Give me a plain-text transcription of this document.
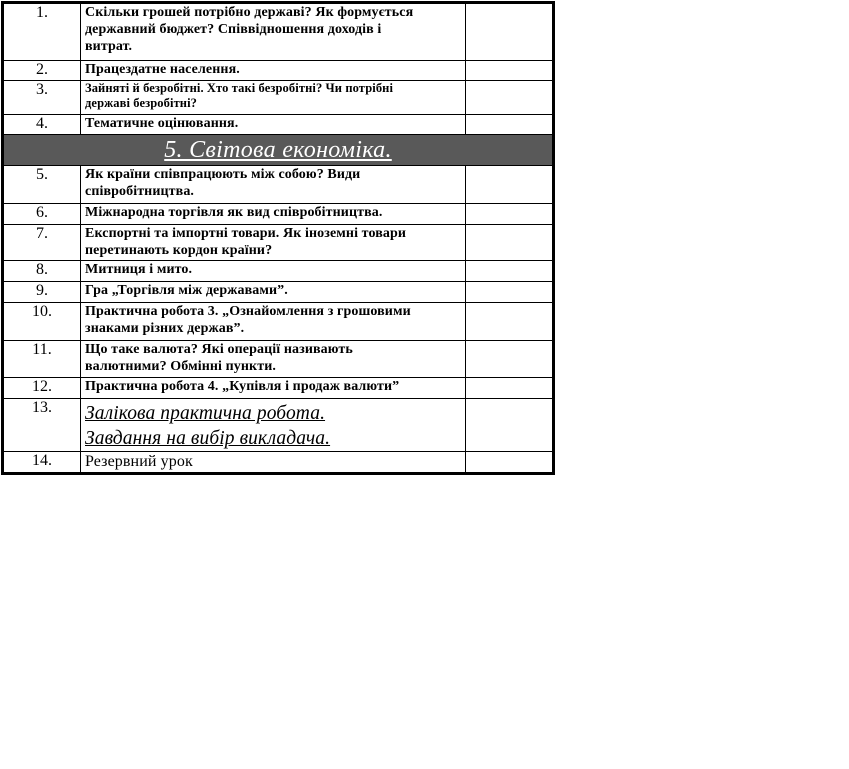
1.	Скільки грошей потрібно державі? Як формується
державний бюджет? Співвідношення доходів і
витрат.	
2.	Працездатне населення.	
3.	Зайняті й безробітні. Хто такі безробітні? Чи потрібні
державі безробітні?	
4.	Тематичне оцінювання.	
5. Світова економіка.		
5.	Як країни співпрацюють між собою? Види
співробітництва.	
6.	Міжнародна торгівля як вид співробітництва.	
7.	Експортні та імпортні товари. Як іноземні товари
перетинають кордон країни?	
8.	Митниця і мито.	
9.	Гра „Торгівля між державами”.	
10.	Практична робота 3. „Ознайомлення з грошовими
знаками різних держав”.	
11.	Що таке валюта? Які операції називають
валютними? Обмінні пункти.	
12.	Практична робота 4. „Купівля і продаж валюти”	
13.	Залікова практична робота.
Завдання на вибір викладача.	

14.	Резервний урок	
